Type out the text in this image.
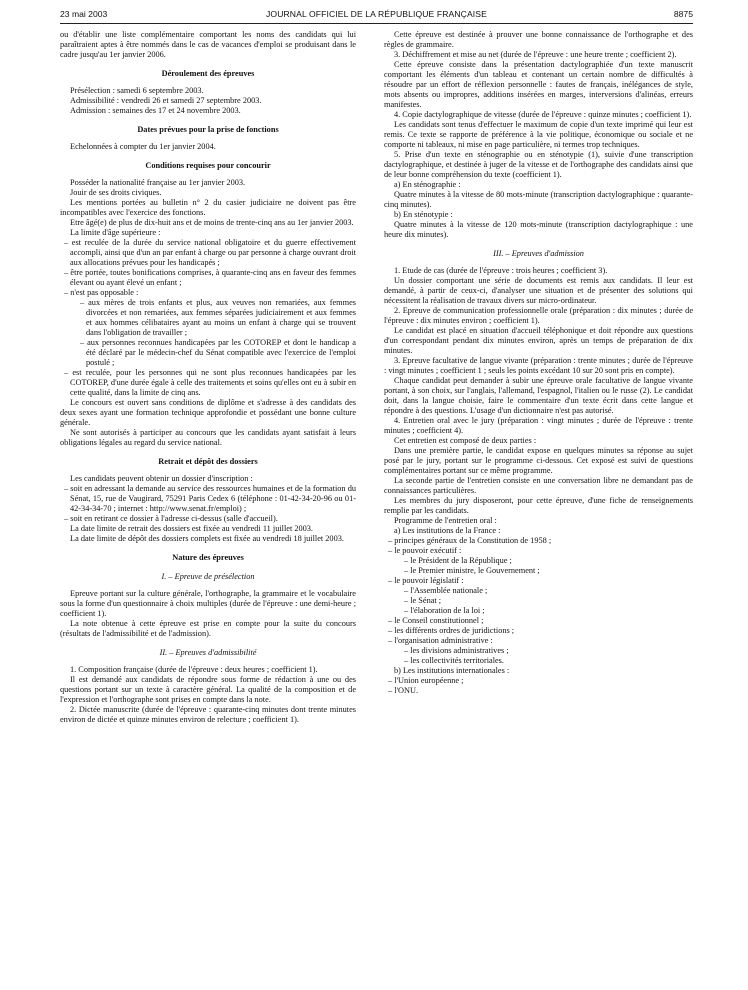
23 mai 2003	JOURNAL OFFICIEL DE LA RÉPUBLIQUE FRANÇAISE	8875

ou d'établir une liste complémentaire comportant les noms des candidats qui lui paraîtraient aptes à être nommés dans le cas de vacances d'emploi se produisant dans le cadre jusqu'au 1er janvier 2006.

Déroulement des épreuves

Présélection : samedi 6 septembre 2003.

Admissibilité : vendredi 26 et samedi 27 septembre 2003.

Admission : semaines des 17 et 24 novembre 2003.

Dates prévues pour la prise de fonctions

Echelonnées à compter du 1er janvier 2004.

Conditions requises pour concourir

Posséder la nationalité française au 1er janvier 2003.

Jouir de ses droits civiques.

Les mentions portées au bulletin n° 2 du casier judiciaire ne doivent pas être incompatibles avec l'exercice des fonctions.

Etre âgé(e) de plus de dix-huit ans et de moins de trente-cinq ans au 1er janvier 2003.

La limite d'âge supérieure :

– est reculée de la durée du service national obligatoire et du guerre effectivement accompli, ainsi que d'un an par enfant à charge ou par personne à charge ouvrant droit aux allocations prévues pour les handicapés ;

– être portée, toutes bonifications comprises, à quarante-cinq ans en faveur des femmes élevant ou ayant élevé un enfant ;

– n'est pas opposable :

– aux mères de trois enfants et plus, aux veuves non remariées, aux femmes divorcées et non remariées, aux femmes séparées judiciairement et aux femmes et aux hommes célibataires ayant au moins un enfant à charge qui se trouvent dans l'obligation de travailler ;

– aux personnes reconnues handicapées par les COTOREP et dont le handicap a été déclaré par le médecin-chef du Sénat compatible avec l'exercice de l'emploi postulé ;

– est reculée, pour les personnes qui ne sont plus reconnues handicapées par les COTOREP, d'une durée égale à celle des traitements et soins qu'elles ont eu à subir en cette qualité, dans la limite de cinq ans.

Le concours est ouvert sans conditions de diplôme et s'adresse à des candidats des deux sexes ayant une formation technique approfondie et possédant une bonne culture générale.

Ne sont autorisés à participer au concours que les candidats ayant satisfait à leurs obligations légales au regard du service national.

Retrait et dépôt des dossiers

Les candidats peuvent obtenir un dossier d'inscription :

– soit en adressant la demande au service des ressources humaines et de la formation du Sénat, 15, rue de Vaugirard, 75291 Paris Cedex 6 (téléphone : 01-42-34-20-96 ou 01-42-34-34-70 ; internet : http://www.senat.fr/emploi) ;

– soit en retirant ce dossier à l'adresse ci-dessus (salle d'accueil).

La date limite de retrait des dossiers est fixée au vendredi 11 juillet 2003.

La date limite de dépôt des dossiers complets est fixée au vendredi 18 juillet 2003.

Nature des épreuves
I. – Epreuve de présélection

Epreuve portant sur la culture générale, l'orthographe, la grammaire et le vocabulaire sous la forme d'un questionnaire à choix multiples (durée de l'épreuve : une demi-heure ; coefficient 1).

La note obtenue à cette épreuve est prise en compte pour la suite du concours (résultats de l'admissibilité et de l'admission).

II. – Epreuves d'admissibilité

1. Composition française (durée de l'épreuve : deux heures ; coefficient 1).

Il est demandé aux candidats de répondre sous forme de rédaction à une ou des questions portant sur un texte à caractère général. La qualité de la composition et de l'expression et l'orthographe sont prises en compte dans la note.

2. Dictée manuscrite (durée de l'épreuve : quarante-cinq minutes dont trente minutes environ de dictée et quinze minutes environ de relecture ; coefficient 1).

Cette épreuve est destinée à prouver une bonne connaissance de l'orthographe et des règles de grammaire.

3. Déchiffrement et mise au net (durée de l'épreuve : une heure trente ; coefficient 2).

Cette épreuve consiste dans la présentation dactylographiée d'un texte manuscrit comportant les éléments d'un tableau et contenant un certain nombre de difficultés à résoudre par un effort de réflexion personnelle : fautes de français, inélégances de style, mots absents ou impropres, additions insérées en marges, interversions d'alinéas, erreurs manifestes.

4. Copie dactylographique de vitesse (durée de l'épreuve : quinze minutes ; coefficient 1).

Les candidats sont tenus d'effectuer le maximum de copie d'un texte imprimé qui leur est remis. Ce texte se rapporte de préférence à la vie politique, économique ou sociale et ne comporte ni tableaux, ni mise en page particulière, ni termes trop techniques.

5. Prise d'un texte en sténographie ou en sténotypie (1), suivie d'une transcription dactylographique, et destinée à juger de la vitesse et de l'orthographe des candidats ainsi que de leur bonne compréhension du texte (coefficient 1).

a) En sténographie :

Quatre minutes à la vitesse de 80 mots-minute (transcription dactylographique : quarante-cinq minutes).

b) En sténotypie :

Quatre minutes à la vitesse de 120 mots-minute (transcription dactylographique : une heure dix minutes).

III. – Epreuves d'admission

1. Etude de cas (durée de l'épreuve : trois heures ; coefficient 3).

Un dossier comportant une série de documents est remis aux candidats. Il leur est demandé, à partir de ceux-ci, d'analyser une situation et de présenter des solutions qui nécessitent la réalisation de travaux divers sur micro-ordinateur.

2. Epreuve de communication professionnelle orale (préparation : dix minutes ; durée de l'épreuve : dix minutes environ ; coefficient 1).

Le candidat est placé en situation d'accueil téléphonique et doit répondre aux questions d'un correspondant pendant dix minutes environ, après un temps de préparation de dix minutes.

3. Epreuve facultative de langue vivante (préparation : trente minutes ; durée de l'épreuve : vingt minutes ; coefficient 1 ; seuls les points excédant 10 sur 20 sont pris en compte).

Chaque candidat peut demander à subir une épreuve orale facultative de langue vivante portant, à son choix, sur l'anglais, l'allemand, l'espagnol, l'italien ou le russe (2). Le candidat doit, dans la langue choisie, faire le commentaire d'un texte écrit dans cette langue et répondre à des questions. L'usage d'un dictionnaire n'est pas autorisé.

4. Entretien oral avec le jury (préparation : vingt minutes ; durée de l'épreuve : trente minutes ; coefficient 4).

Cet entretien est composé de deux parties :

Dans une première partie, le candidat expose en quelques minutes sa réponse au sujet posé par le jury, portant sur le programme ci-dessous. Cet exposé est suivi de questions complémentaires portant sur ce même programme.

La seconde partie de l'entretien consiste en une conversation libre ne demandant pas de connaissances particulières.

Les membres du jury disposeront, pour cette épreuve, d'une fiche de renseignements remplie par les candidats.

Programme de l'entretien oral :

a) Les institutions de la France :

– principes généraux de la Constitution de 1958 ;

– le pouvoir exécutif :

– le Président de la République ;

– le Premier ministre, le Gouvernement ;

– le pouvoir législatif :

– l'Assemblée nationale ;

– le Sénat ;

– l'élaboration de la loi ;

– le Conseil constitutionnel ;

– les différents ordres de juridictions ;

– l'organisation administrative :

– les divisions administratives ;

– les collectivités territoriales.

b) Les institutions internationales :

– l'Union européenne ;

– l'ONU.
